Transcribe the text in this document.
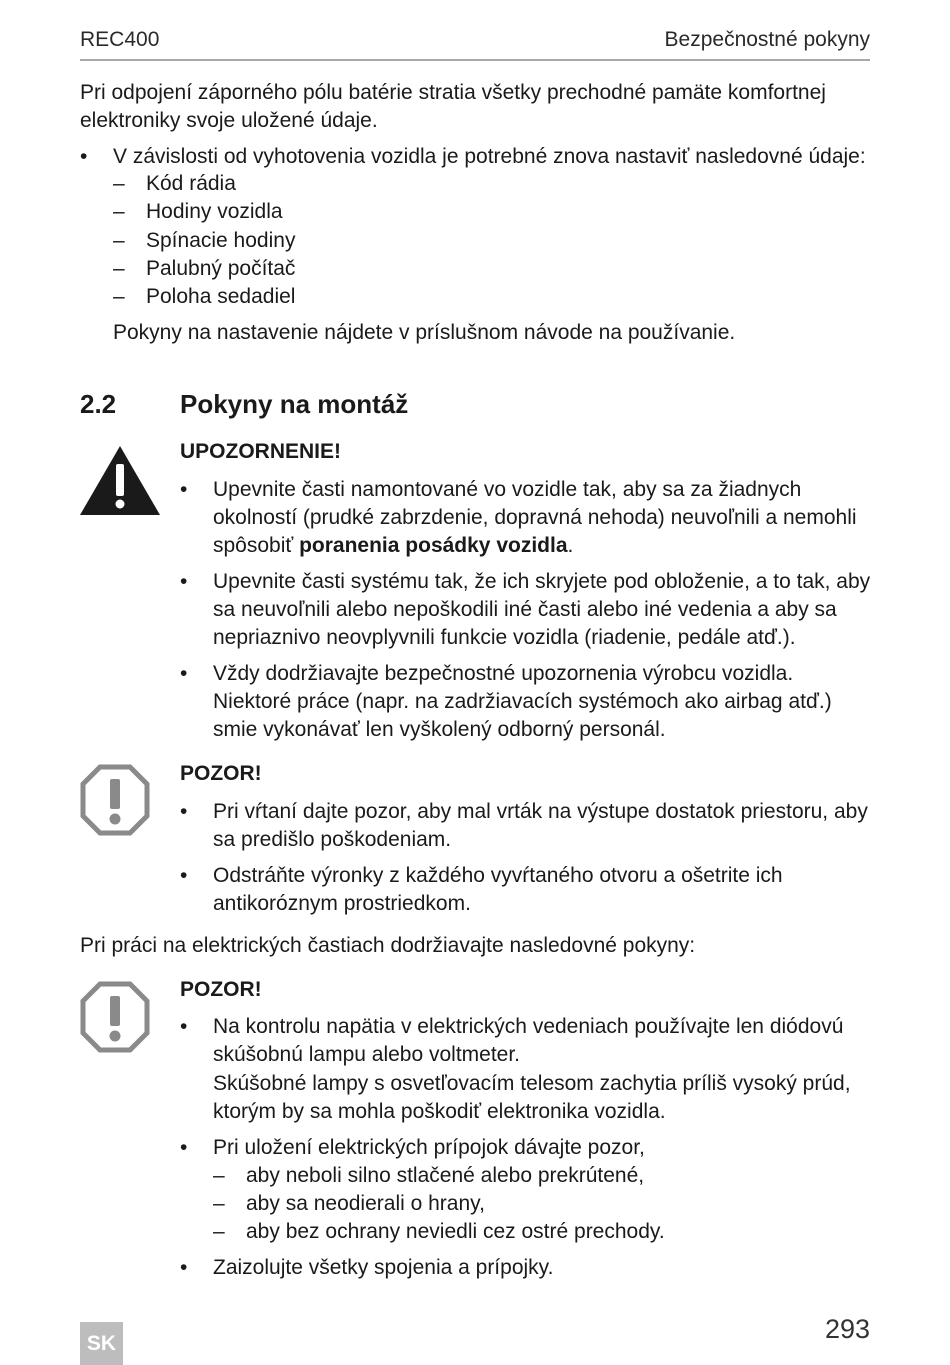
REC400	Bezpečnostné pokyny
Pri odpojení záporného pólu batérie stratia všetky prechodné pamäte komfortnej
elektroniky svoje uložené údaje.
• V závislosti od vyhotovenia vozidla je potrebné znova nastaviť nasledovné údaje:
– Kód rádia
– Hodiny vozidla
– Spínacie hodiny
– Palubný počítač
– Poloha sedadiel
Pokyny na nastavenie nájdete v príslušnom návode na používanie.
2.2 Pokyny na montáž
UPOZORNENIE!
• Upevnite časti namontované vo vozidle tak, aby sa za žiadnych
okolností (prudké zabrzdenie, dopravná nehoda) neuvoľnili a nemohli
spôsobiť poranenia posádky vozidla.
• Upevnite časti systému tak, že ich skryjete pod obloženie, a to tak, aby
sa neuvoľnili alebo nepoškodili iné časti alebo iné vedenia a aby sa
nepriaznivo neovplyvnili funkcie vozidla (riadenie, pedále atď.).
• Vždy dodržiavajte bezpečnostné upozornenia výrobcu vozidla.
Niektoré práce (napr. na zadržiavacích systémoch ako airbag atď.)
smie vykonávať len vyškolený odborný personál.
POZOR!
• Pri vŕtaní dajte pozor, aby mal vrták na výstupe dostatok priestoru, aby
sa predišlo poškodeniam.
• Odstráňte výronky z každého vyvŕtaného otvoru a ošetrite ich
antikoróznym prostriedkom.
Pri práci na elektrických častiach dodržiavajte nasledovné pokyny:
POZOR!
• Na kontrolu napätia v elektrických vedeniach používajte len diódovú
skúšobnú lampu alebo voltmeter.
Skúšobné lampy s osvetľovacím telesom zachytia príliš vysoký prúd,
ktorým by sa mohla poškodiť elektronika vozidla.
• Pri uložení elektrických prípojok dávajte pozor,
– aby neboli silno stlačené alebo prekrútené,
– aby sa neodierali o hrany,
– aby bez ochrany neviedli cez ostré prechody.
• Zaizolujte všetky spojenia a prípojky.
SK	293
